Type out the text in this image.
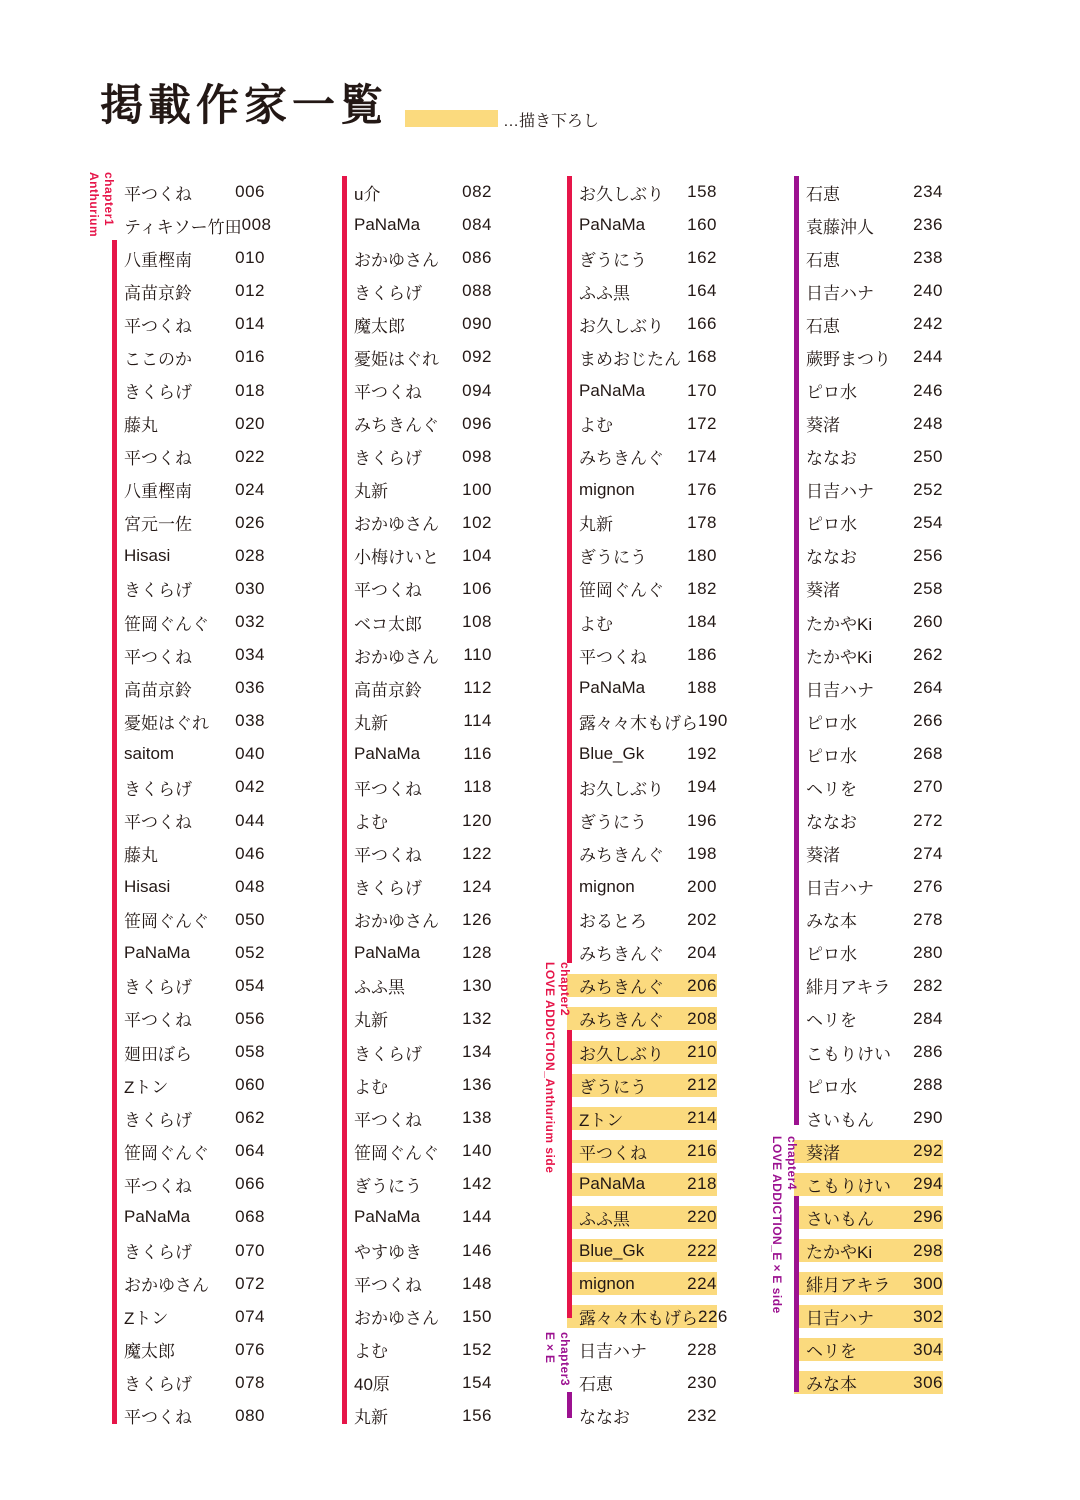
掲載作家一覧	…描き下ろし
平つくね	006
ティキソー竹田 008
八重樫南	010
高苗京鈴	012
平つくね	014
ここのか	016
きくらげ	018
藤丸	020
平つくね	022
八重樫南	024
宮元一佐	026
Hisasi	028
きくらげ	030
笹岡ぐんぐ 032
平つくね	034
高苗京鈴	036
憂姫はぐれ 038
saitom	040
きくらげ	042
平つくね	044
藤丸	046
Hisasi	048
笹岡ぐんぐ 050
PaNaMa	052
きくらげ	054
平つくね	056
廻田ぼら	058
Zトン	060
きくらげ	062
笹岡ぐんぐ 064
平つくね	066
PaNaMa	068
きくらげ	070
おかゆさん 072
Zトン	074
魔太郎	076
きくらげ	078
平つくね	080
u介	082
PaNaMa 084
おかゆさん 086
きくらげ 088
魔太郎	090
憂姫はぐれ 092
平つくね 094
みちきんぐ 096
きくらげ 098
丸新	100
おかゆさん 102
小梅けいと 104
平つくね 106
ベコ太郎 108
おかゆさん 110
高苗京鈴 112
丸新	114
PaNaMa	116
平つくね 118
よむ	120
平つくね 122
きくらげ 124
おかゆさん 126
PaNaMa 128
ふふ黒	130
丸新	132
きくらげ 134
よむ	136
平つくね 138
笹岡ぐんぐ 140
ぎうにう 142
PaNaMa 144
やすゆき 146
平つくね 148
おかゆさん 150
よむ	152
40原	154
丸新	156
お久しぶり 158
PaNaMa 160
ぎうにう 162
ふふ黒	164
お久しぶり 166
まめおじたん 168
PaNaMa 170
よむ	172
みちきんぐ 174
mignon	176
丸新	178
ぎうにう 180
笹岡ぐんぐ 182
よむ	184
平つくね 186
PaNaMa 188
露々々木もげら 190
Blue_Gk	192
お久しぶり 194
ぎうにう 196
みちきんぐ 198
mignon	200
おるとろ 202
みちきんぐ 204
みちきんぐ 206
みちきんぐ 208
お久しぶり 210
ぎうにう 212
Zトン	214
平つくね 216
PaNaMa 218
ふふ黒	220
Blue_Gk	222
mignon	224
露々々木もげら 226
日吉ハナ 228
石恵	230
ななお	232
石恵	234
袁藤沖人 236
石恵	238
日吉ハナ 240
石恵	242
蕨野まつり 244
ピロ水	246
葵渚	248
ななお	250
日吉ハナ 252
ピロ水	254
ななお	256
葵渚	258
たかやKi 260
たかやKi 262
日吉ハナ 264
ピロ水	266
ピロ水	268
ヘリを	270
ななお	272
葵渚	274
日吉ハナ 276
みな本	278
ピロ水	280
緋月アキラ 282
ヘリを	284
こもりけい 286
ピロ水	288
さいもん 290
葵渚	292
こもりけい 294
さいもん 296
たかやKi 298
緋月アキラ 300
日吉ハナ 302
ヘリを	304
みな本	306
chapter1
Anthurium
chapter2
LOVE ADDICTION_Anthurium side
chapter3
E×E
chapter4
LOVE ADDICTION_E×E side
